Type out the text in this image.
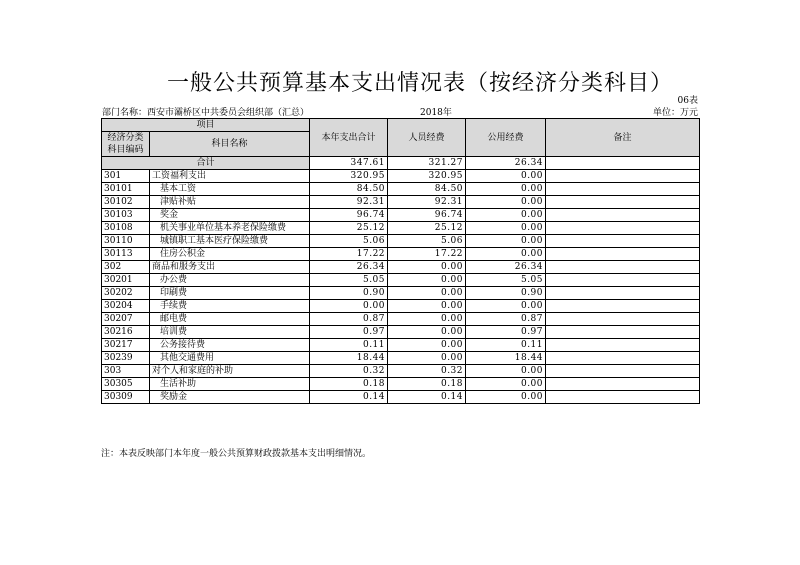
一般公共预算基本支出情况表（按经济分类科目）
06表
部门名称：西安市灞桥区中共委员会组织部（汇总）	2018年	单位：万元
项目		本年支出合计	人员经费	公用经费	备注
经济分类科目编码	科目名称				
合计		347.61	321.27	26.34	
301	工资福利支出	320.95	320.95	0.00	
30101	基本工资	84.50	84.50	0.00	
30102	津贴补贴	92.31	92.31	0.00	
30103	奖金	96.74	96.74	0.00	
30108	机关事业单位基本养老保险缴费	25.12	25.12	0.00	
30110	城镇职工基本医疗保险缴费	5.06	5.06	0.00	
30113	住房公积金	17.22	17.22	0.00	
302	商品和服务支出	26.34	0.00	26.34	
30201	办公费	5.05	0.00	5.05	
30202	印刷费	0.90	0.00	0.90	
30204	手续费	0.00	0.00	0.00	
30207	邮电费	0.87	0.00	0.87	
30216	培训费	0.97	0.00	0.97	
30217	公务接待费	0.11	0.00	0.11	
30239	其他交通费用	18.44	0.00	18.44	
303	对个人和家庭的补助	0.32	0.32	0.00	
30305	生活补助	0.18	0.18	0.00	
30309	奖励金	0.14	0.14	0.00	
注：本表反映部门本年度一般公共预算财政拨款基本支出明细情况。
